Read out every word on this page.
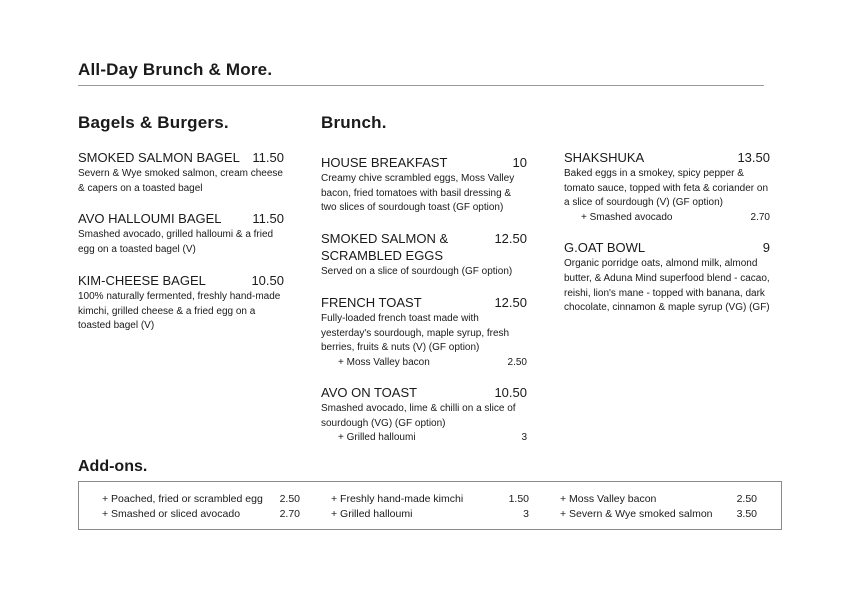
All-Day Brunch & More.
Bagels & Burgers.
SMOKED SALMON BAGEL 11.50
Severn & Wye smoked salmon, cream cheese & capers on a toasted bagel
AVO HALLOUMI BAGEL	11.50
Smashed avocado, grilled halloumi & a fried egg on a toasted bagel (V)
KIM-CHEESE BAGEL	10.50
100% naturally fermented, freshly hand-made kimchi, grilled cheese & a fried egg on a toasted bagel (V)
Brunch.
HOUSE BREAKFAST	10
Creamy chive scrambled eggs, Moss Valley bacon, fried tomatoes with basil dressing & two slices of sourdough toast (GF option)
SMOKED SALMON & SCRAMBLED EGGS
12.50
Served on a slice of sourdough (GF option)
FRENCH TOAST	12.50
Fully-loaded french toast made with yesterday's sourdough, maple syrup, fresh berries, fruits & nuts (V) (GF option)
+ Moss Valley bacon	2.50
AVO ON TOAST	10.50
Smashed avocado, lime & chilli on a slice of sourdough (VG) (GF option)
+ Grilled halloumi	3
SHAKSHUKA	13.50
Baked eggs in a smokey, spicy pepper & tomato sauce, topped with feta & coriander on a slice of sourdough (V) (GF option)
+ Smashed avocado	2.70
G.OAT BOWL	9
Organic porridge oats, almond milk, almond butter, & Aduna Mind superfood blend - cacao, reishi, lion's mane - topped with banana, dark chocolate, cinnamon & maple syrup (VG) (GF)
Add-ons.
+ Poached, fried or scrambled egg 2.50
+ Smashed or sliced avocado	2.70
+ Freshly hand-made kimchi	1.50
+ Grilled halloumi	3
+ Moss Valley bacon	2.50
+ Severn & Wye smoked salmon 3.50
